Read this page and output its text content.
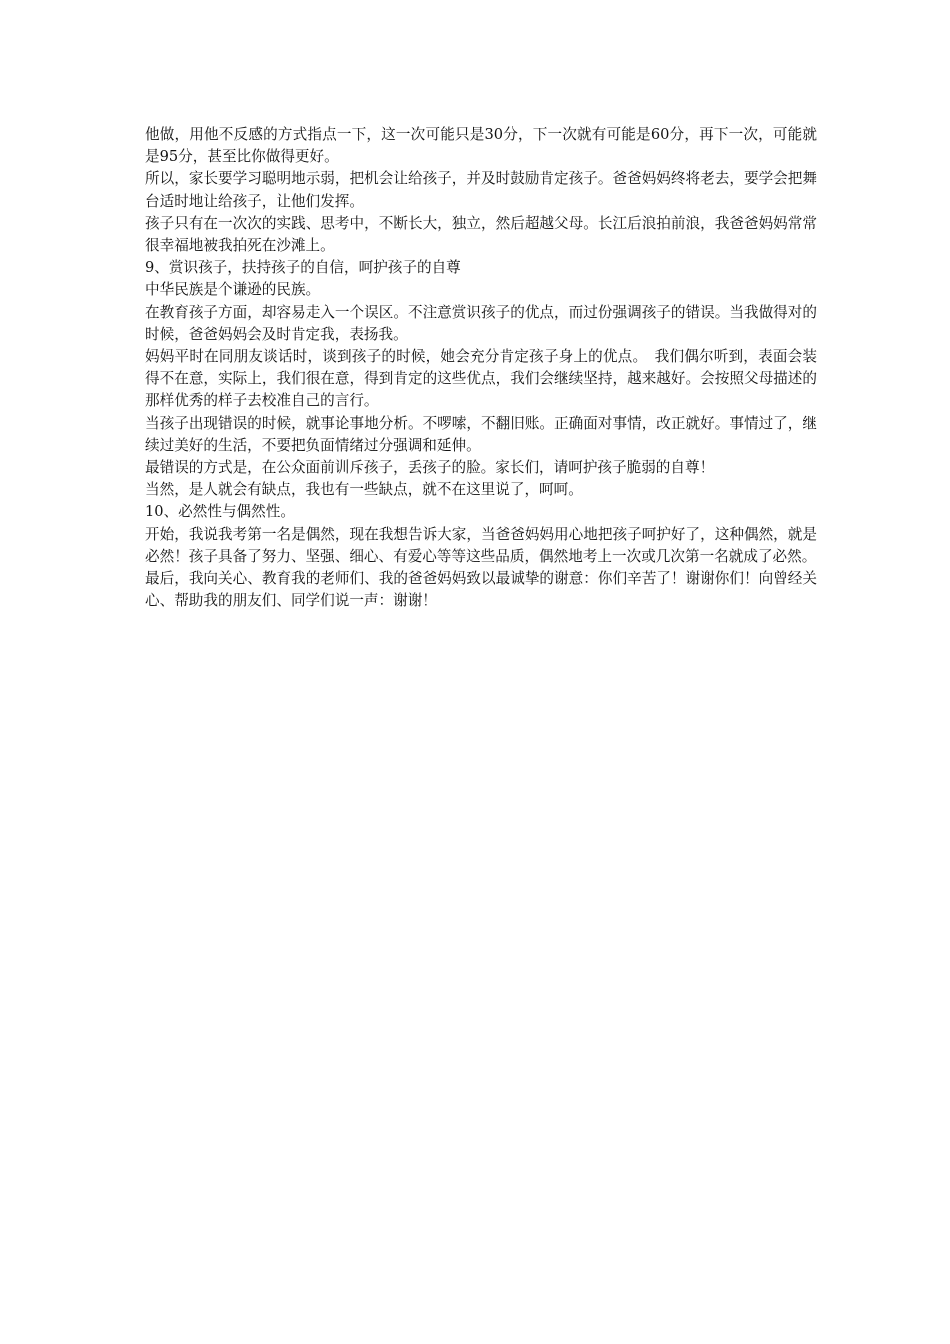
他做，用他不反感的方式指点一下，这一次可能只是30分，下一次就有可能是60分，再下一次，可能就是95分，甚至比你做得更好。

所以，家长要学习聪明地示弱，把机会让给孩子，并及时鼓励肯定孩子。爸爸妈妈终将老去，要学会把舞台适时地让给孩子，让他们发挥。

孩子只有在一次次的实践、思考中，不断长大，独立，然后超越父母。长江后浪拍前浪，我爸爸妈妈常常很幸福地被我拍死在沙滩上。

9、赏识孩子，扶持孩子的自信，呵护孩子的自尊

中华民族是个谦逊的民族。

在教育孩子方面，却容易走入一个误区。不注意赏识孩子的优点，而过份强调孩子的错误。当我做得对的时候，爸爸妈妈会及时肯定我，表扬我。

妈妈平时在同朋友谈话时，谈到孩子的时候，她会充分肯定孩子身上的优点。　我们偶尔听到，表面会装得不在意，实际上，我们很在意，得到肯定的这些优点，我们会继续坚持，越来越好。会按照父母描述的那样优秀的样子去校准自己的言行。

当孩子出现错误的时候，就事论事地分析。不啰嗦，不翻旧账。正确面对事情，改正就好。事情过了，继续过美好的生活，不要把负面情绪过分强调和延伸。

最错误的方式是，在公众面前训斥孩子，丢孩子的脸。家长们，请呵护孩子脆弱的自尊！

当然，是人就会有缺点，我也有一些缺点，就不在这里说了，呵呵。

10、必然性与偶然性。

开始，我说我考第一名是偶然，现在我想告诉大家，当爸爸妈妈用心地把孩子呵护好了，这种偶然，就是必然！孩子具备了努力、坚强、细心、有爱心等等这些品质，偶然地考上一次或几次第一名就成了必然。

最后，我向关心、教育我的老师们、我的爸爸妈妈致以最诚挚的谢意：你们辛苦了！谢谢你们！向曾经关心、帮助我的朋友们、同学们说一声：谢谢！
